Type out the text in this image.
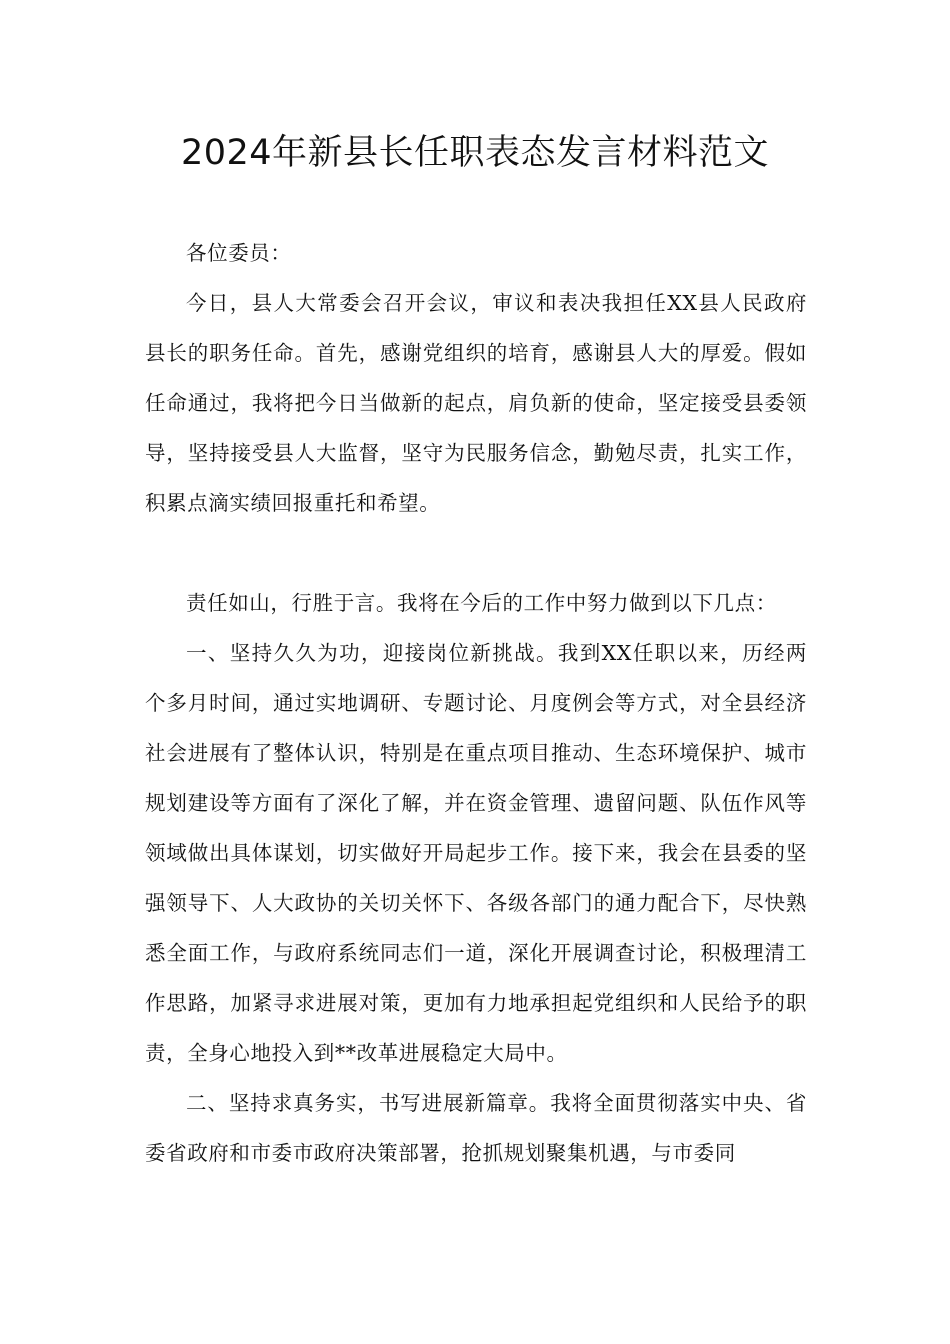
2024年新县长任职表态发言材料范文

各位委员：

今日，县人大常委会召开会议，审议和表决我担任XX县人民政府县长的职务任命。首先，感谢党组织的培育，感谢县人大的厚爱。假如任命通过，我将把今日当做新的起点，肩负新的使命，坚定接受县委领导，坚持接受县人大监督，坚守为民服务信念，勤勉尽责，扎实工作，积累点滴实绩回报重托和希望。

责任如山，行胜于言。我将在今后的工作中努力做到以下几点：

一、坚持久久为功，迎接岗位新挑战。我到XX任职以来，历经两个多月时间，通过实地调研、专题讨论、月度例会等方式，对全县经济社会进展有了整体认识，特别是在重点项目推动、生态环境保护、城市规划建设等方面有了深化了解，并在资金管理、遗留问题、队伍作风等领域做出具体谋划，切实做好开局起步工作。接下来，我会在县委的坚强领导下、人大政协的关切关怀下、各级各部门的通力配合下，尽快熟悉全面工作，与政府系统同志们一道，深化开展调查讨论，积极理清工作思路，加紧寻求进展对策，更加有力地承担起党组织和人民给予的职责，全身心地投入到**改革进展稳定大局中。

二、坚持求真务实，书写进展新篇章。我将全面贯彻落实中央、省委省政府和市委市政府决策部署，抢抓规划聚集机遇，与市委同
